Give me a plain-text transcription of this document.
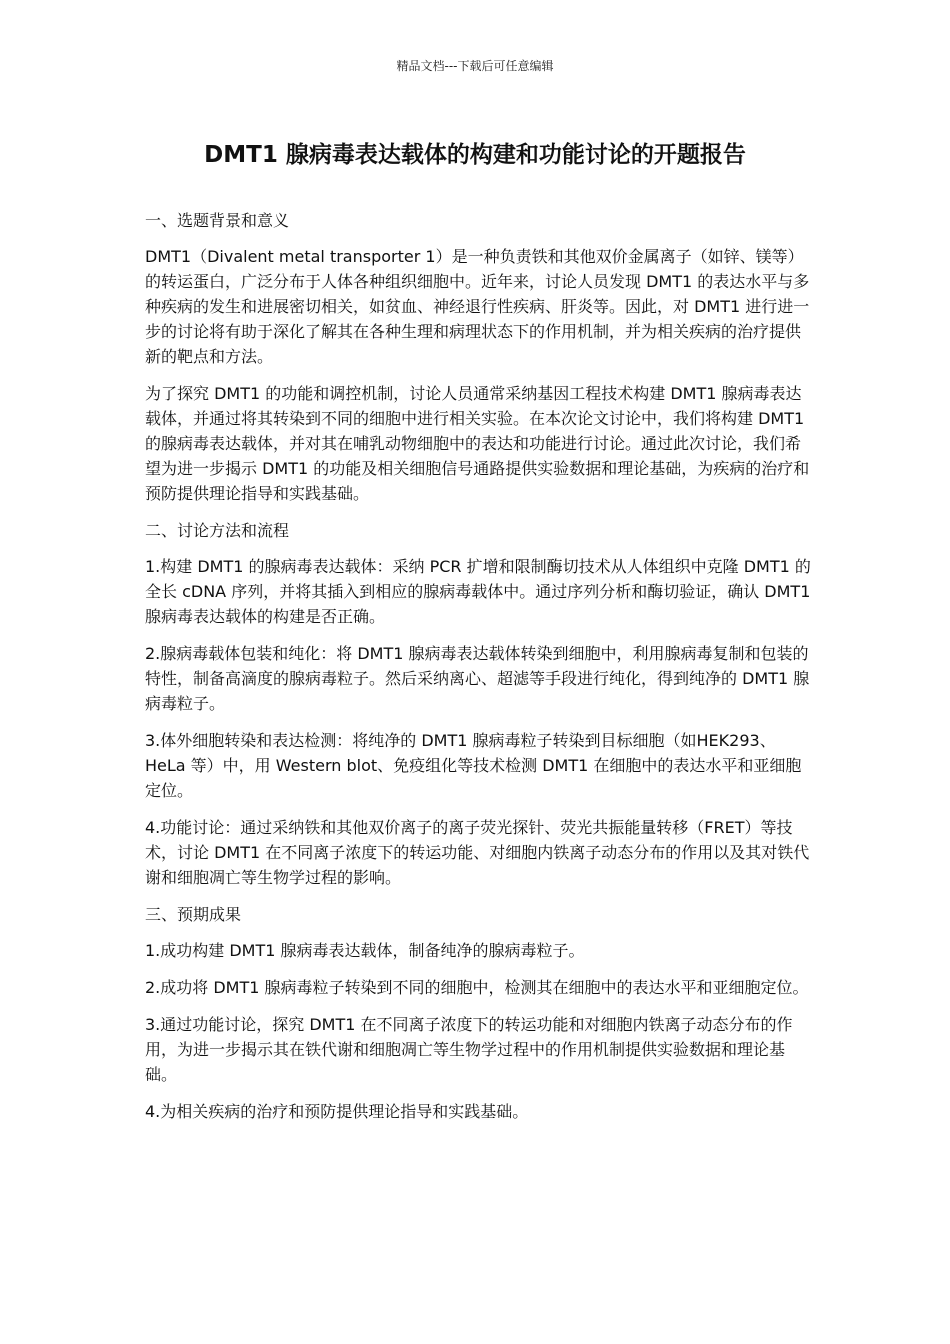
精品文档---下载后可任意编辑
DMT1 腺病毒表达载体的构建和功能讨论的开题报告

一、选题背景和意义

DMT1（Divalent metal transporter 1）是一种负责铁和其他双价金属离子（如锌、镁等）的转运蛋白，广泛分布于人体各种组织细胞中。近年来，讨论人员发现 DMT1 的表达水平与多种疾病的发生和进展密切相关，如贫血、神经退行性疾病、肝炎等。因此，对 DMT1 进行进一步的讨论将有助于深化了解其在各种生理和病理状态下的作用机制，并为相关疾病的治疗提供新的靶点和方法。

为了探究 DMT1 的功能和调控机制，讨论人员通常采纳基因工程技术构建 DMT1 腺病毒表达载体，并通过将其转染到不同的细胞中进行相关实验。在本次论文讨论中，我们将构建 DMT1 的腺病毒表达载体，并对其在哺乳动物细胞中的表达和功能进行讨论。通过此次讨论，我们希望为进一步揭示 DMT1 的功能及相关细胞信号通路提供实验数据和理论基础，为疾病的治疗和预防提供理论指导和实践基础。

二、讨论方法和流程

1.构建 DMT1 的腺病毒表达载体：采纳 PCR 扩增和限制酶切技术从人体组织中克隆 DMT1 的全长 cDNA 序列，并将其插入到相应的腺病毒载体中。通过序列分析和酶切验证，确认 DMT1 腺病毒表达载体的构建是否正确。

2.腺病毒载体包装和纯化：将 DMT1 腺病毒表达载体转染到细胞中，利用腺病毒复制和包装的特性，制备高滴度的腺病毒粒子。然后采纳离心、超滤等手段进行纯化，得到纯净的 DMT1 腺病毒粒子。

3.体外细胞转染和表达检测：将纯净的 DMT1 腺病毒粒子转染到目标细胞（如HEK293、HeLa 等）中，用 Western blot、免疫组化等技术检测 DMT1 在细胞中的表达水平和亚细胞定位。

4.功能讨论：通过采纳铁和其他双价离子的离子荧光探针、荧光共振能量转移（FRET）等技术，讨论 DMT1 在不同离子浓度下的转运功能、对细胞内铁离子动态分布的作用以及其对铁代谢和细胞凋亡等生物学过程的影响。

三、预期成果

1.成功构建 DMT1 腺病毒表达载体，制备纯净的腺病毒粒子。

2.成功将 DMT1 腺病毒粒子转染到不同的细胞中，检测其在细胞中的表达水平和亚细胞定位。

3.通过功能讨论，探究 DMT1 在不同离子浓度下的转运功能和对细胞内铁离子动态分布的作用，为进一步揭示其在铁代谢和细胞凋亡等生物学过程中的作用机制提供实验数据和理论基础。

4.为相关疾病的治疗和预防提供理论指导和实践基础。
